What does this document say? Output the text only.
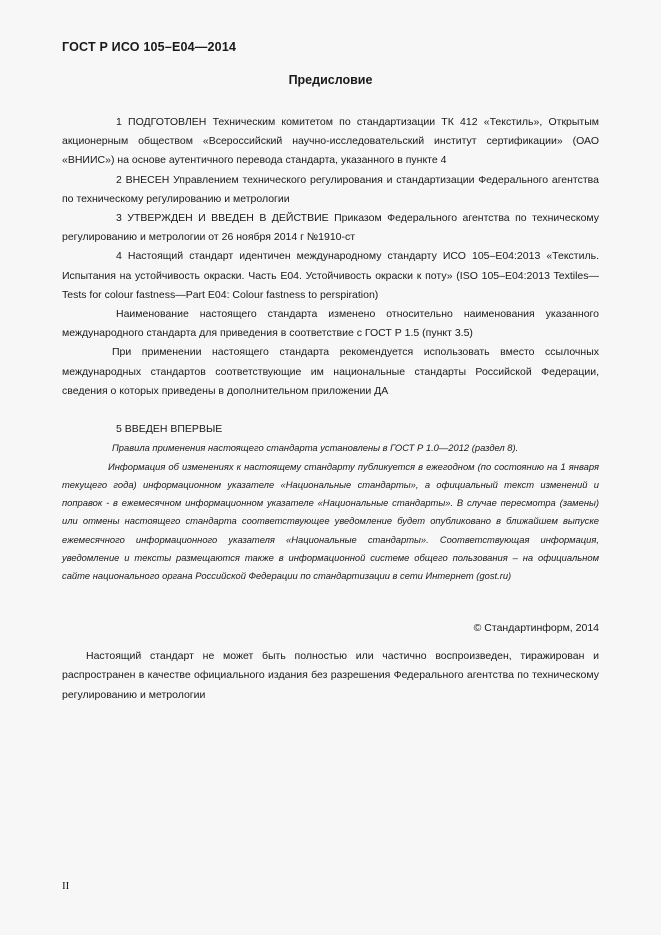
ГОСТ Р ИСО 105–Е04—2014
Предисловие

1 ПОДГОТОВЛЕН Техническим комитетом по стандартизации ТК 412 «Текстиль», Открытым акционерным обществом «Всероссийский научно-исследовательский институт сертификации» (ОАО «ВНИИС») на основе аутентичного перевода стандарта, указанного в пункте 4

2 ВНЕСЕН Управлением технического регулирования и стандартизации Федерального агентства по техническому регулированию и метрологии

3 УТВЕРЖДЕН И ВВЕДЕН В ДЕЙСТВИЕ Приказом Федерального агентства по техническому регулированию и метрологии от 26 ноября 2014 г №1910-ст

4 Настоящий стандарт идентичен международному стандарту ИСО 105–Е04:2013 «Текстиль. Испытания на устойчивость окраски. Часть Е04. Устойчивость окраски к поту» (ISO 105–E04:2013 Textiles—Tests for colour fastness—Part E04: Colour fastness to perspiration)

Наименование настоящего стандарта изменено относительно наименования указанного международного стандарта для приведения в соответствие с ГОСТ Р 1.5 (пункт 3.5)

При применении настоящего стандарта рекомендуется использовать вместо ссылочных международных стандартов соответствующие им национальные стандарты Российской Федерации, сведения о которых приведены в дополнительном приложении ДА

5 ВВЕДЕН ВПЕРВЫЕ

Правила применения настоящего стандарта установлены в ГОСТ Р 1.0—2012 (раздел 8).

Информация об изменениях к настоящему стандарту публикуется в ежегодном (по состоянию на 1 января текущего года) информационном указателе «Национальные стандарты», а официальный текст изменений и поправок - в ежемесячном информационном указателе «Национальные стандарты». В случае пересмотра (замены) или отмены настоящего стандарта соответствующее уведомление будет опубликовано в ближайшем выпуске ежемесячного информационного указателя «Национальные стандарты». Соответствующая информация, уведомление и тексты размещаются также в информационной системе общего пользования – на официальном сайте национального органа Российской Федерации по стандартизации в сети Интернет (gost.ru)

© Стандартинформ, 2014

Настоящий стандарт не может быть полностью или частично воспроизведен, тиражирован и распространен в качестве официального издания без разрешения Федерального агентства по техническому регулированию и метрологии

II
